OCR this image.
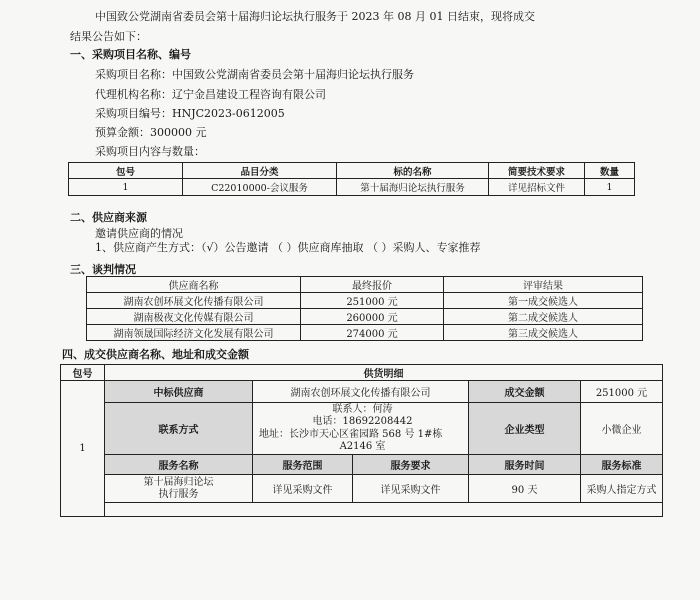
中国致公党湖南省委员会第十届海归论坛执行服务于 2023 年 08 月 01 日结束，现将成交
结果公告如下：
一、采购项目名称、编号
采购项目名称：中国致公党湖南省委员会第十届海归论坛执行服务
代理机构名称：辽宁金昌建设工程咨询有限公司
采购项目编号：HNJC2023-0612005
预算金额：300000 元
采购项目内容与数量：
包号	品目分类	标的名称	简要技术要求	数量
1	C22010000-会议服务	第十届海归论坛执行服务	详见招标文件	1
二、供应商来源
邀请供应商的情况
1、供应商产生方式：（√）公告邀请 （ ）供应商库抽取 （ ）采购人、专家推荐
三、谈判情况
供应商名称	最终报价	评审结果
湖南农创环展文化传播有限公司	251000 元	第一成交候选人
湖南极夜文化传媒有限公司	260000 元	第二成交候选人
湖南领晟国际经济文化发展有限公司	274000 元	第三成交候选人
四、成交供应商名称、地址和成交金额
包号	供货明细				
1	中标供应商	湖南农创环展文化传播有限公司		成交金额	251000 元
	联系方式	联系人：何涛
电话：18692208442
地址：长沙市天心区雀园路 568 号 1#栋
A2146 室		企业类型	小微企业
	服务名称	服务范围	服务要求	服务时间	服务标准

	第十届海归论坛
执行服务	详见采购文件	详见采购文件	90 天	采购人指定方式
